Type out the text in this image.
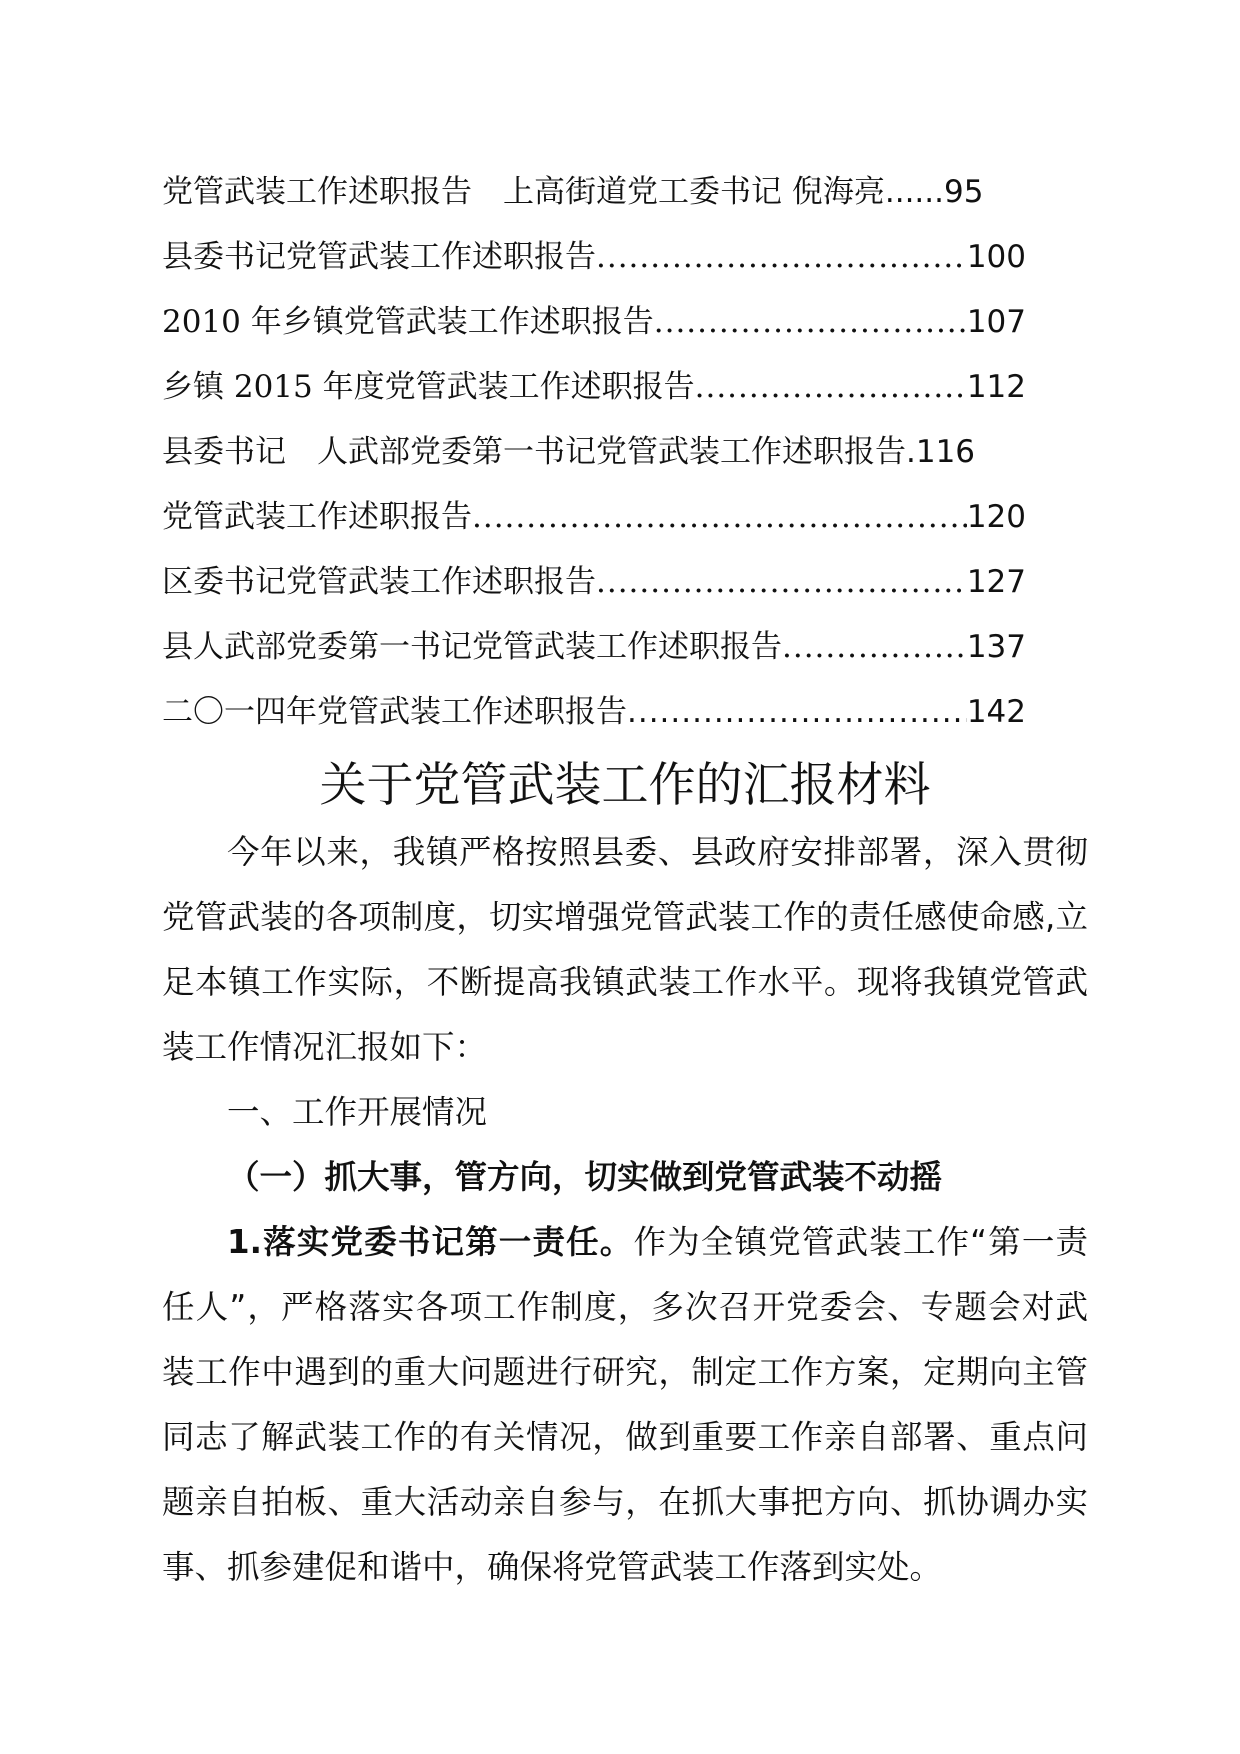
党管武装工作述职报告　上高街道党工委书记 倪海亮 ...... 95
县委书记党管武装工作述职报告 .....	100
2010 年乡镇党管武装工作述职报告 .....	107
乡镇 2015 年度党管武装工作述职报告 .....	112
县委书记　人武部党委第一书记党管武装工作述职报告 . 116
党管武装工作述职报告 .....	120
区委书记党管武装工作述职报告 .....	127
县人武部党委第一书记党管武装工作述职报告 .....	137
二〇一四年党管武装工作述职报告 .....	142
关于党管武装工作的汇报材料
今年以来，我镇严格按照县委、县政府安排部署，深入贯彻党管武装的各项制度，切实增强党管武装工作的责任感使命感,立足本镇工作实际，不断提高我镇武装工作水平。现将我镇党管武装工作情况汇报如下：
一、工作开展情况
（一）抓大事，管方向，切实做到党管武装不动摇
1.落实党委书记第一责任。作为全镇党管武装工作“第一责任人”，严格落实各项工作制度，多次召开党委会、专题会对武装工作中遇到的重大问题进行研究，制定工作方案，定期向主管同志了解武装工作的有关情况，做到重要工作亲自部署、重点问题亲自拍板、重大活动亲自参与，在抓大事把方向、抓协调办实事、抓参建促和谐中，确保将党管武装工作落到实处。
